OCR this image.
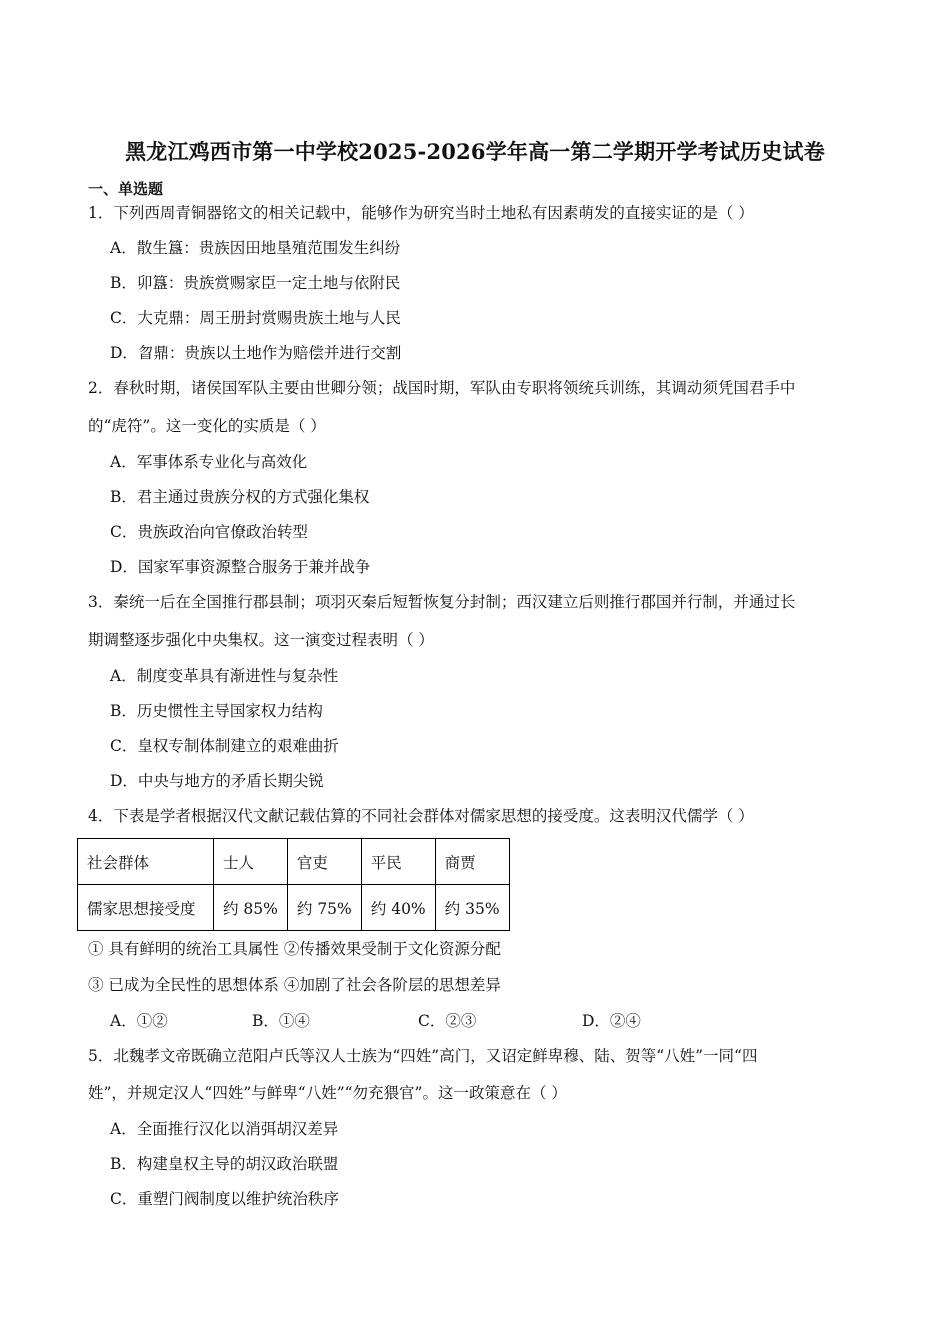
黑龙江鸡西市第一中学校2025-2026学年高一第二学期开学考试历史试卷
一、单选题
1．下列西周青铜器铭文的相关记载中，能够作为研究当时土地私有因素萌发的直接实证的是（ ）
A．散生簋：贵族因田地垦殖范围发生纠纷
B．卯簋：贵族赏赐家臣一定土地与依附民
C．大克鼎：周王册封赏赐贵族土地与人民
D．曶鼎：贵族以土地作为赔偿并进行交割
2．春秋时期，诸侯国军队主要由世卿分领；战国时期，军队由专职将领统兵训练，其调动须凭国君手中
的“虎符”。这一变化的实质是（ ）
A．军事体系专业化与高效化
B．君主通过贵族分权的方式强化集权
C．贵族政治向官僚政治转型
D．国家军事资源整合服务于兼并战争
3．秦统一后在全国推行郡县制；项羽灭秦后短暂恢复分封制；西汉建立后则推行郡国并行制，并通过长
期调整逐步强化中央集权。这一演变过程表明（ ）
A．制度变革具有渐进性与复杂性
B．历史惯性主导国家权力结构
C．皇权专制体制建立的艰难曲折
D．中央与地方的矛盾长期尖锐
4．下表是学者根据汉代文献记载估算的不同社会群体对儒家思想的接受度。这表明汉代儒学（ ）
社会群体	士人	官吏	平民	商贾
儒家思想接受度	约 85%	约 75%	约 40%	约 35%
① 具有鲜明的统治工具属性 ②传播效果受制于文化资源分配
③ 已成为全民性的思想体系 ④加剧了社会各阶层的思想差异
A．①②	B．①④	C．②③	D．②④
5．北魏孝文帝既确立范阳卢氏等汉人士族为“四姓”高门，又诏定鲜卑穆、陆、贺等“八姓”一同“四
姓”，并规定汉人“四姓”与鲜卑“八姓”“勿充猥官”。这一政策意在（ ）
A．全面推行汉化以消弭胡汉差异
B．构建皇权主导的胡汉政治联盟
C．重塑门阀制度以维护统治秩序
